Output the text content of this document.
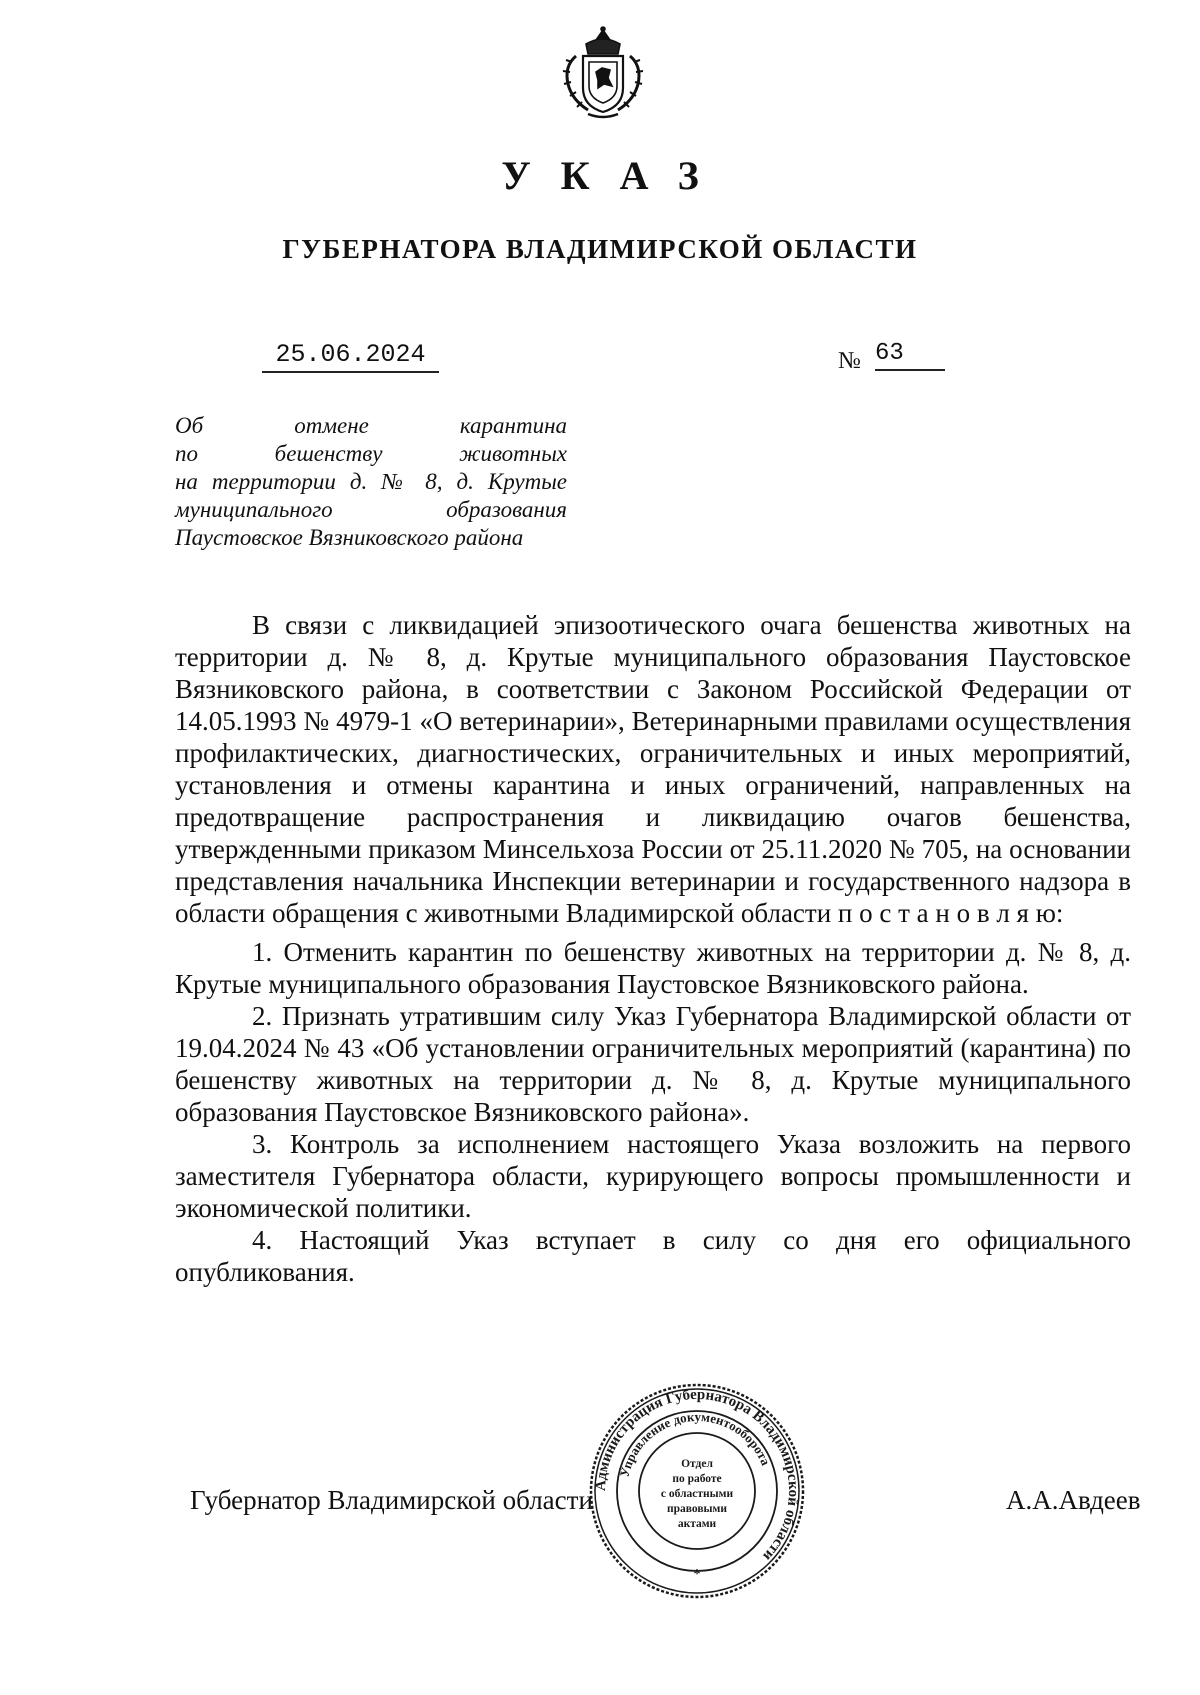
УКАЗ
ГУБЕРНАТОРА ВЛАДИМИРСКОЙ ОБЛАСТИ
25.06.2024	№ 63
Об отмене карантина
по бешенству животных
на территории д. № 8, д. Крутые
муниципального образования
Паустовское Вязниковского района

В связи с ликвидацией эпизоотического очага бешенства животных на территории д. № 8, д. Крутые муниципального образования Паустовское Вязниковского района, в соответствии с Законом Российской Федерации от 14.05.1993 № 4979-1 «О ветеринарии», Ветеринарными правилами осуществления профилактических, диагностических, ограничительных и иных мероприятий, установления и отмены карантина и иных ограничений, направленных на предотвращение распространения и ликвидацию очагов бешенства, утвержденными приказом Минсельхоза России от 25.11.2020 № 705, на основании представления начальника Инспекции ветеринарии и государственного надзора в области обращения с животными Владимирской области п о с т а н о в л я ю:

1. Отменить карантин по бешенству животных на территории д. № 8, д. Крутые муниципального образования Паустовское Вязниковского района.

2. Признать утратившим силу Указ Губернатора Владимирской области от 19.04.2024 № 43 «Об установлении ограничительных мероприятий (карантина) по бешенству животных на территории д. № 8, д. Крутые муниципального образования Паустовское Вязниковского района».

3. Контроль за исполнением настоящего Указа возложить на первого заместителя Губернатора области, курирующего вопросы промышленности и экономической политики.

4. Настоящий Указ вступает в силу со дня его официального опубликования.

Губернатор Владимирской области Администрация Губернатора Владимирской области
Управление документооборота
*
Отдел
по работе
с областными
правовыми
актами
А.А.Авдеев
